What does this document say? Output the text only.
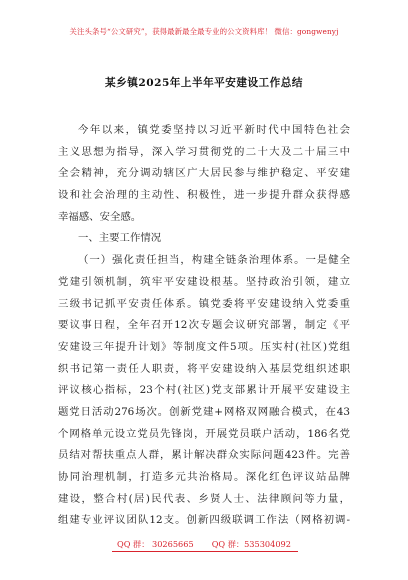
关注头条号“公文研究”，获得最新最全最专业的公文资料库！ 微信：gongwenyj
某乡镇2025年上半年平安建设工作总结
今年以来，镇党委坚持以习近平新时代中国特色社会
主义思想为指导，深入学习贯彻党的二十大及二十届三中
全会精神，充分调动辖区广大居民参与维护稳定、平安建
设和社会治理的主动性、积极性，进一步提升群众获得感
幸福感、安全感。
一、主要工作情况
（一）强化责任担当，构建全链条治理体系。一是健全
党建引领机制，筑牢平安建设根基。坚持政治引领，建立
三级书记抓平安责任体系。镇党委将平安建设纳入党委重
要议事日程，全年召开12次专题会议研究部署，制定《平
安建设三年提升计划》等制度文件5项。压实村(社区)党组
织书记第一责任人职责，将平安建设纳入基层党组织述职
评议核心指标，23个村(社区)党支部累计开展平安建设主
题党日活动276场次。创新党建+网格双网融合模式，在43
个网格单元设立党员先锋岗，开展党员联户活动，186名党
员结对帮扶重点人群，累计解决群众实际问题423件。完善
协同治理机制，打造多元共治格局。深化红色评议站品牌
建设，整合村(居)民代表、乡贤人士、法律顾问等力量，
组建专业评议团队12支。创新四级联调工作法（网格初调-
QQ 群： 30265665 QQ 群：535304092
